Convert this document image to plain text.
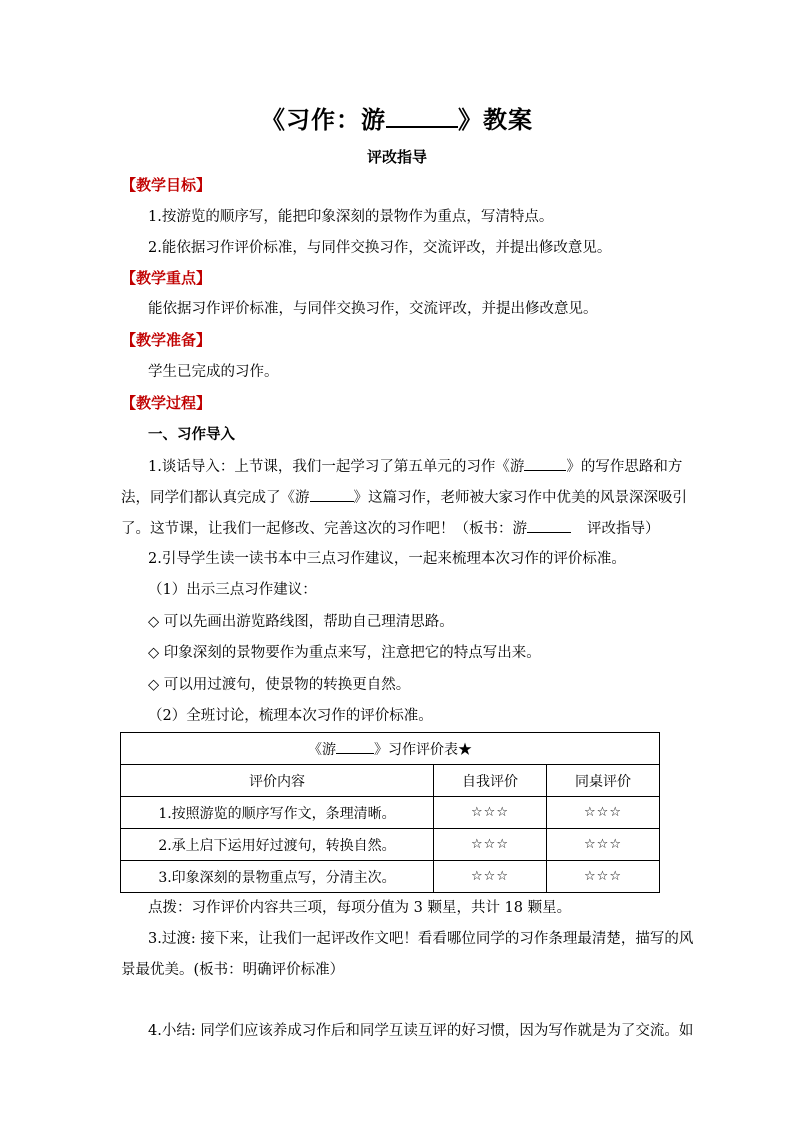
《习作：游	》教案
评改指导
【教学目标】
1.按游览的顺序写，能把印象深刻的景物作为重点，写清特点。
2.能依据习作评价标准，与同伴交换习作，交流评改，并提出修改意见。
【教学重点】
能依据习作评价标准，与同伴交换习作，交流评改，并提出修改意见。
【教学准备】
学生已完成的习作。
【教学过程】
一、习作导入
1.谈话导入：上节课，我们一起学习了第五单元的习作《游	》的写作思路和方
法，同学们都认真完成了《游	》这篇习作，老师被大家习作中优美的风景深深吸引
了。这节课，让我们一起修改、完善这次的习作吧！（板书：游	评改指导）
2.引导学生读一读书本中三点习作建议，一起来梳理本次习作的评价标准。
（1）出示三点习作建议：
◇ 可以先画出游览路线图，帮助自己理清思路。
◇ 印象深刻的景物要作为重点来写，注意把它的特点写出来。
◇ 可以用过渡句，使景物的转换更自然。
（2）全班讨论，梳理本次习作的评价标准。
《游 》习作评价表★		
评价内容	自我评价	同桌评价
1.按照游览的顺序写作文，条理清晰。	☆☆☆	☆☆☆
2.承上启下运用好过渡句，转换自然。	☆☆☆	☆☆☆
3.印象深刻的景物重点写，分清主次。	☆☆☆	☆☆☆
点拨：习作评价内容共三项，每项分值为 3 颗星，共计 18 颗星。
3.过渡: 接下来，让我们一起评改作文吧！看看哪位同学的习作条理最清楚，描写的风
景最优美。(板书：明确评价标准）
4.小结: 同学们应该养成习作后和同学互读互评的好习惯，因为写作就是为了交流。如
